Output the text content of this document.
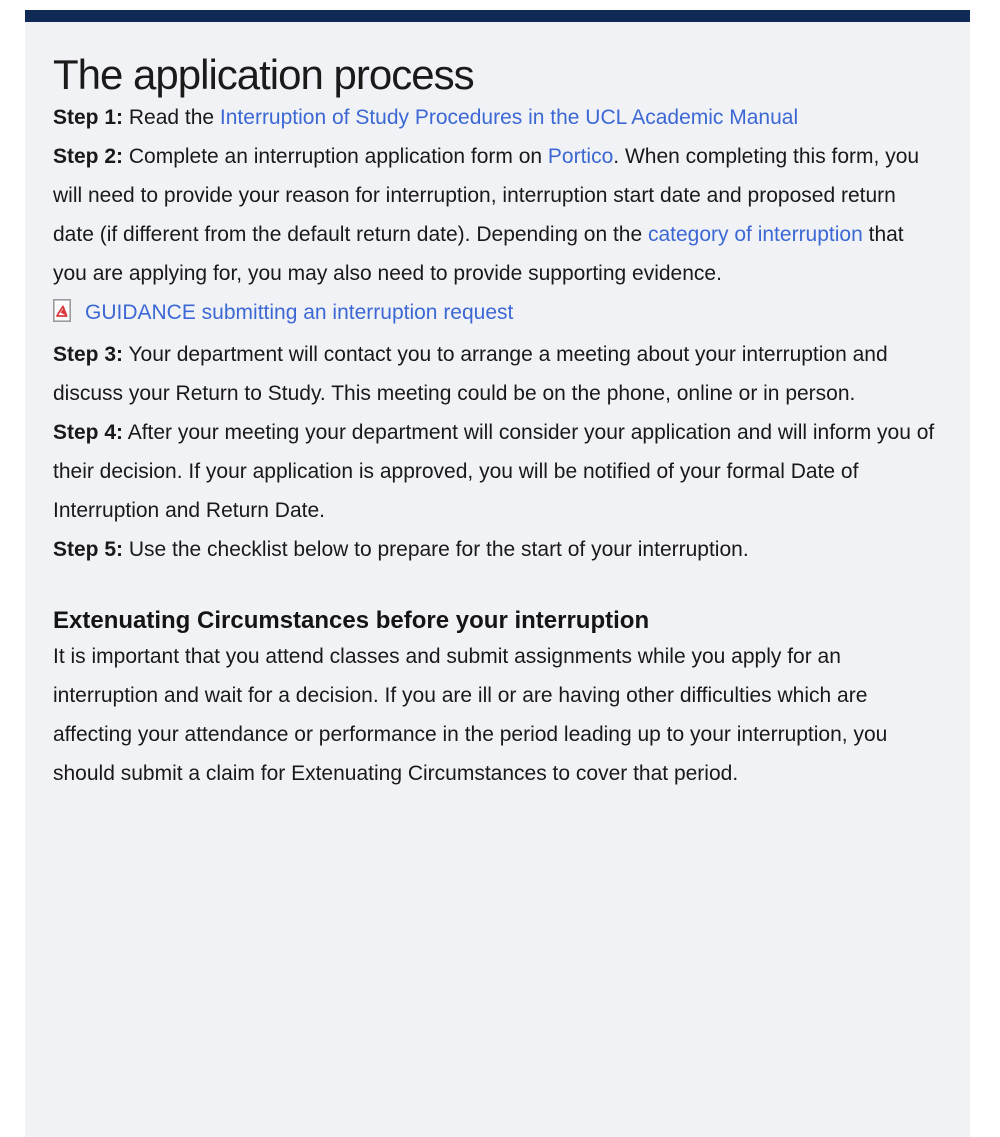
The application process

Step 1: Read the Interruption of Study Procedures in the UCL Academic Manual

Step 2: Complete an interruption application form on Portico. When completing this form, you will need to provide your reason for interruption, interruption start date and proposed return date (if different from the default return date). Depending on the category of interruption that you are applying for, you may also need to provide supporting evidence.

GUIDANCE submitting an interruption request

Step 3: Your department will contact you to arrange a meeting about your interruption and discuss your Return to Study. This meeting could be on the phone, online or in person.

Step 4: After your meeting your department will consider your application and will inform you of their decision. If your application is approved, you will be notified of your formal Date of Interruption and Return Date.

Step 5: Use the checklist below to prepare for the start of your interruption.

Extenuating Circumstances before your interruption

It is important that you attend classes and submit assignments while you apply for an interruption and wait for a decision. If you are ill or are having other difficulties which are affecting your attendance or performance in the period leading up to your interruption, you should submit a claim for Extenuating Circumstances to cover that period.
